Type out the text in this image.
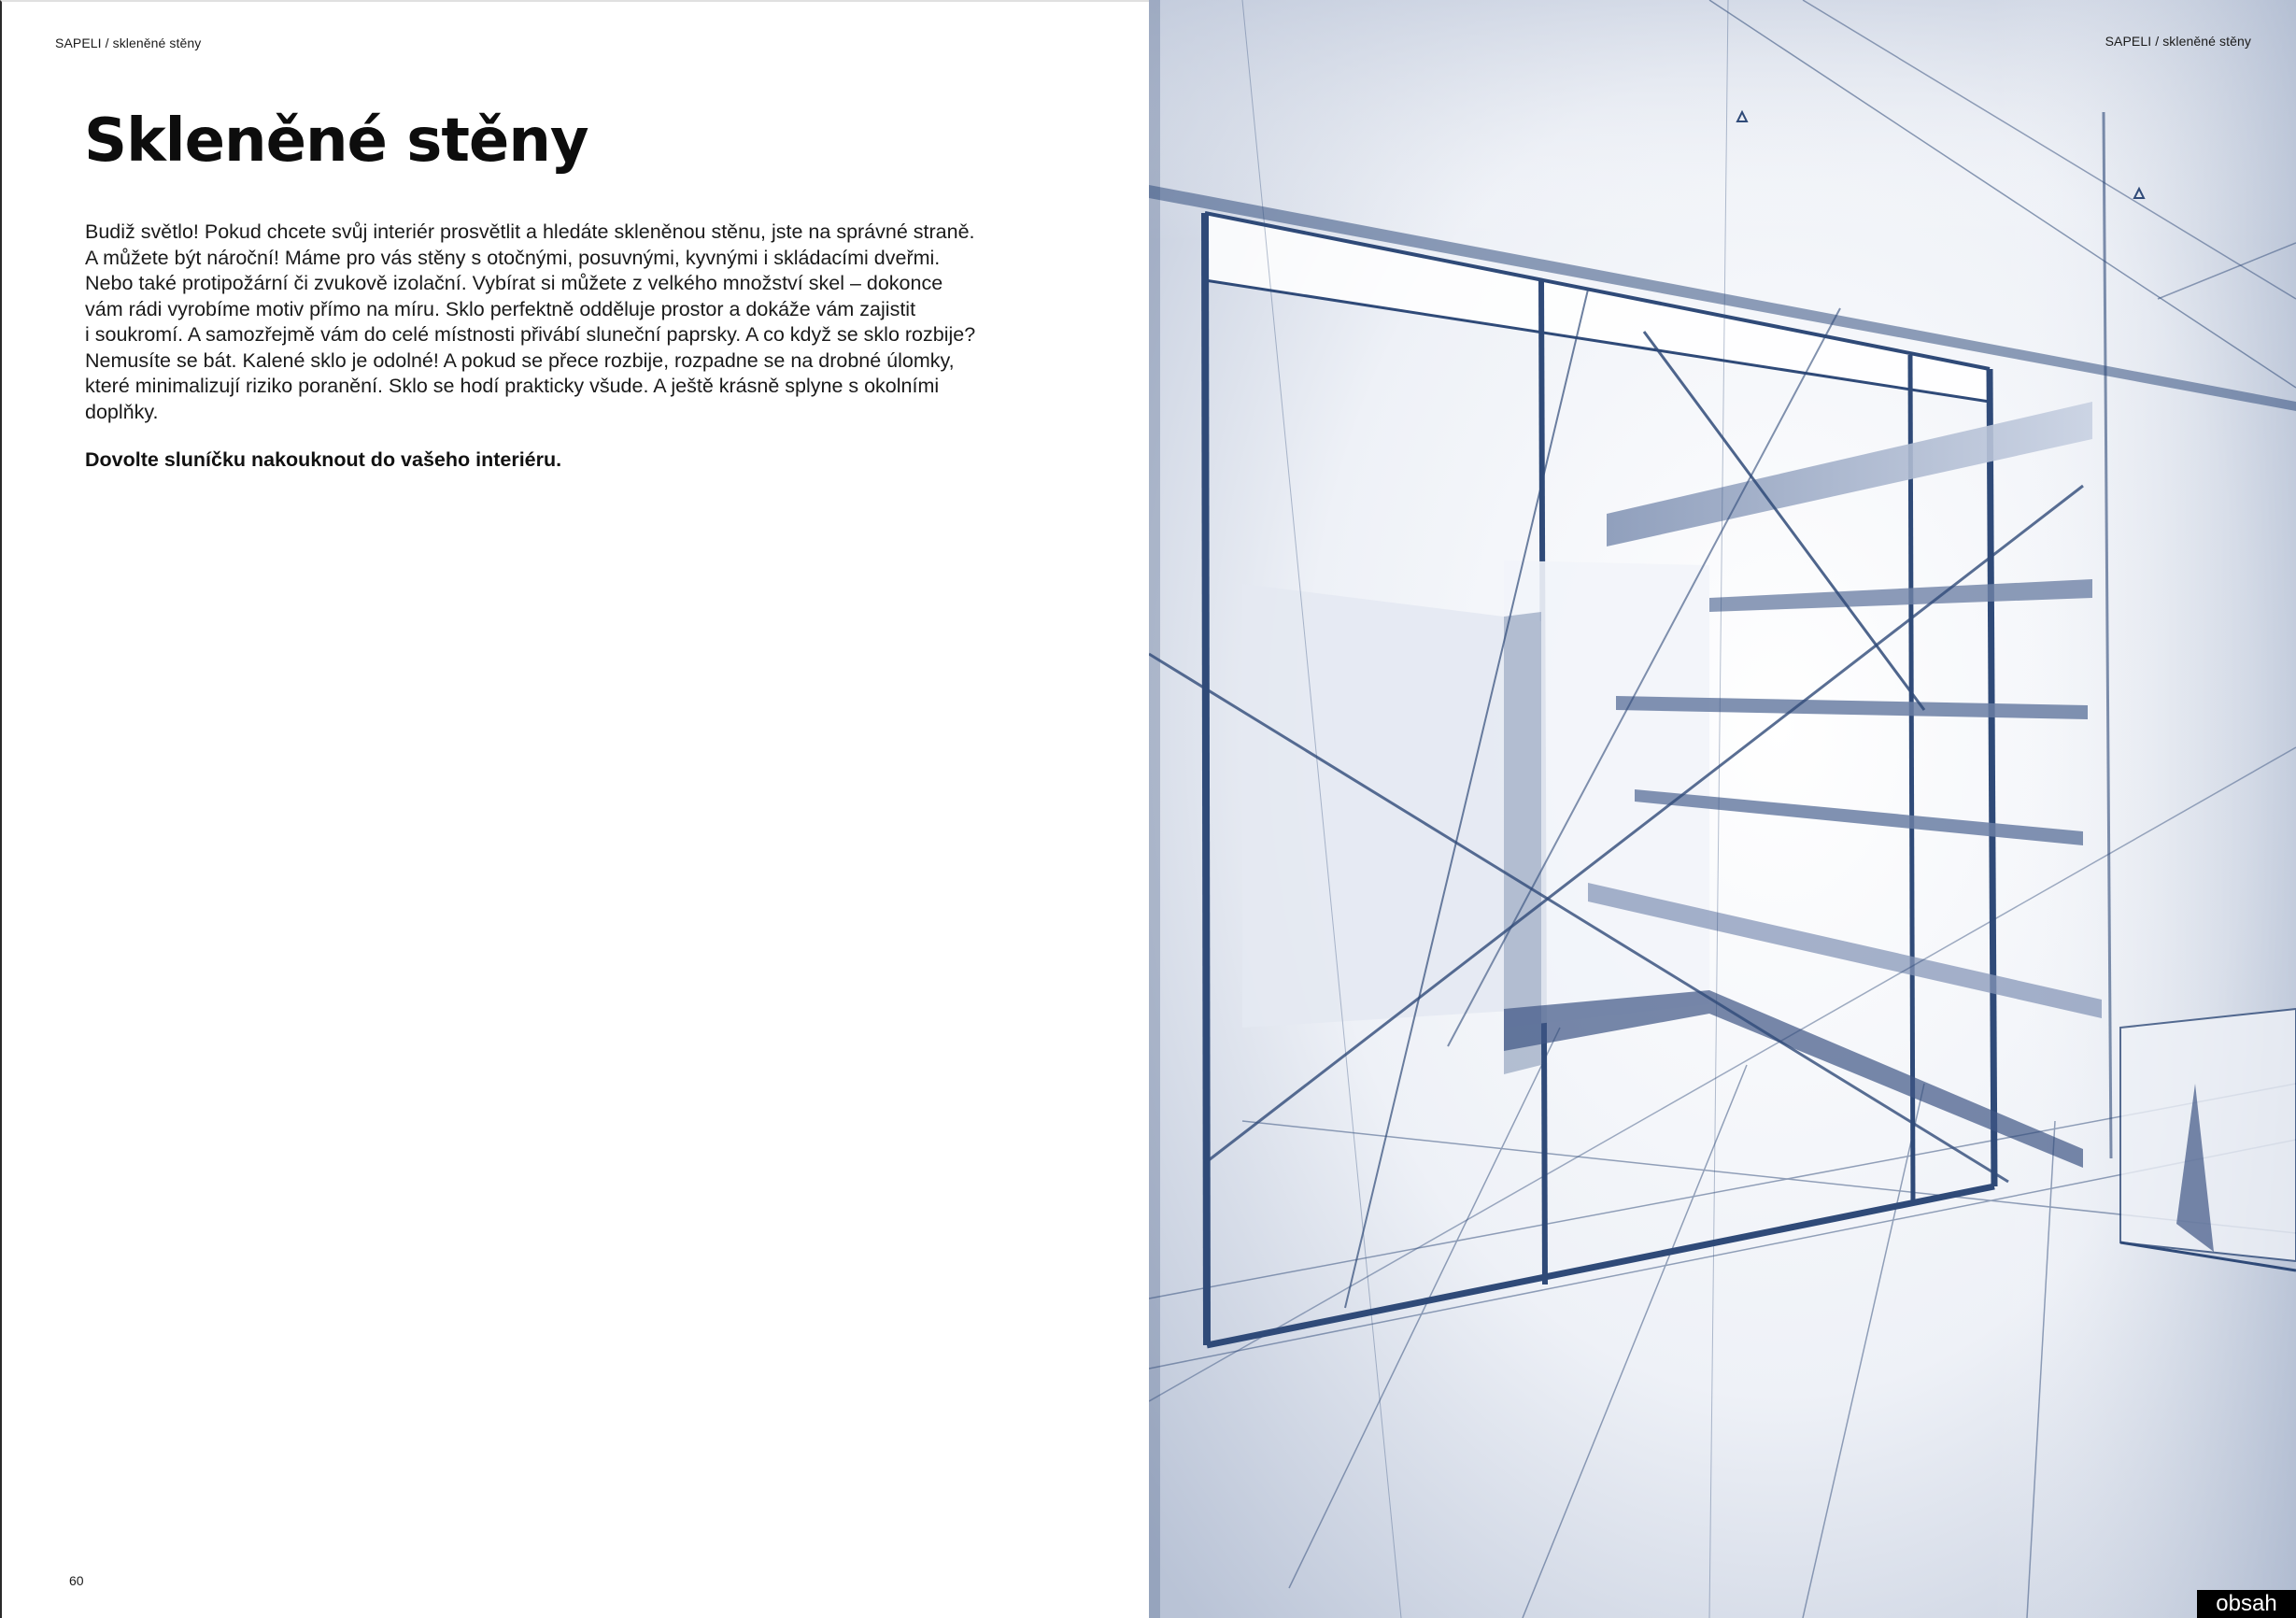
SAPELI / skleněné stěny
Skleněné stěny

Budiž světlo! Pokud chcete svůj interiér prosvětlit a hledáte skleněnou stěnu, jste na správné straně.
A můžete být nároční! Máme pro vás stěny s otočnými, posuvnými, kyvnými i skládacími dveřmi.
Nebo také protipožární či zvukově izolační. Vybírat si můžete z velkého množství skel – dokonce
vám rádi vyrobíme motiv přímo na míru. Sklo perfektně odděluje prostor a dokáže vám zajistit
i soukromí. A samozřejmě vám do celé místnosti přivábí sluneční paprsky. A co když se sklo rozbije?
Nemusíte se bát. Kalené sklo je odolné! A pokud se přece rozbije, rozpadne se na drobné úlomky,
které minimalizují riziko poranění. Sklo se hodí prakticky všude. A ještě krásně splyne s okolními
doplňky.

Dovolte sluníčku nakouknout do vašeho interiéru.

60
SAPELI / skleněné stěny
obsah
